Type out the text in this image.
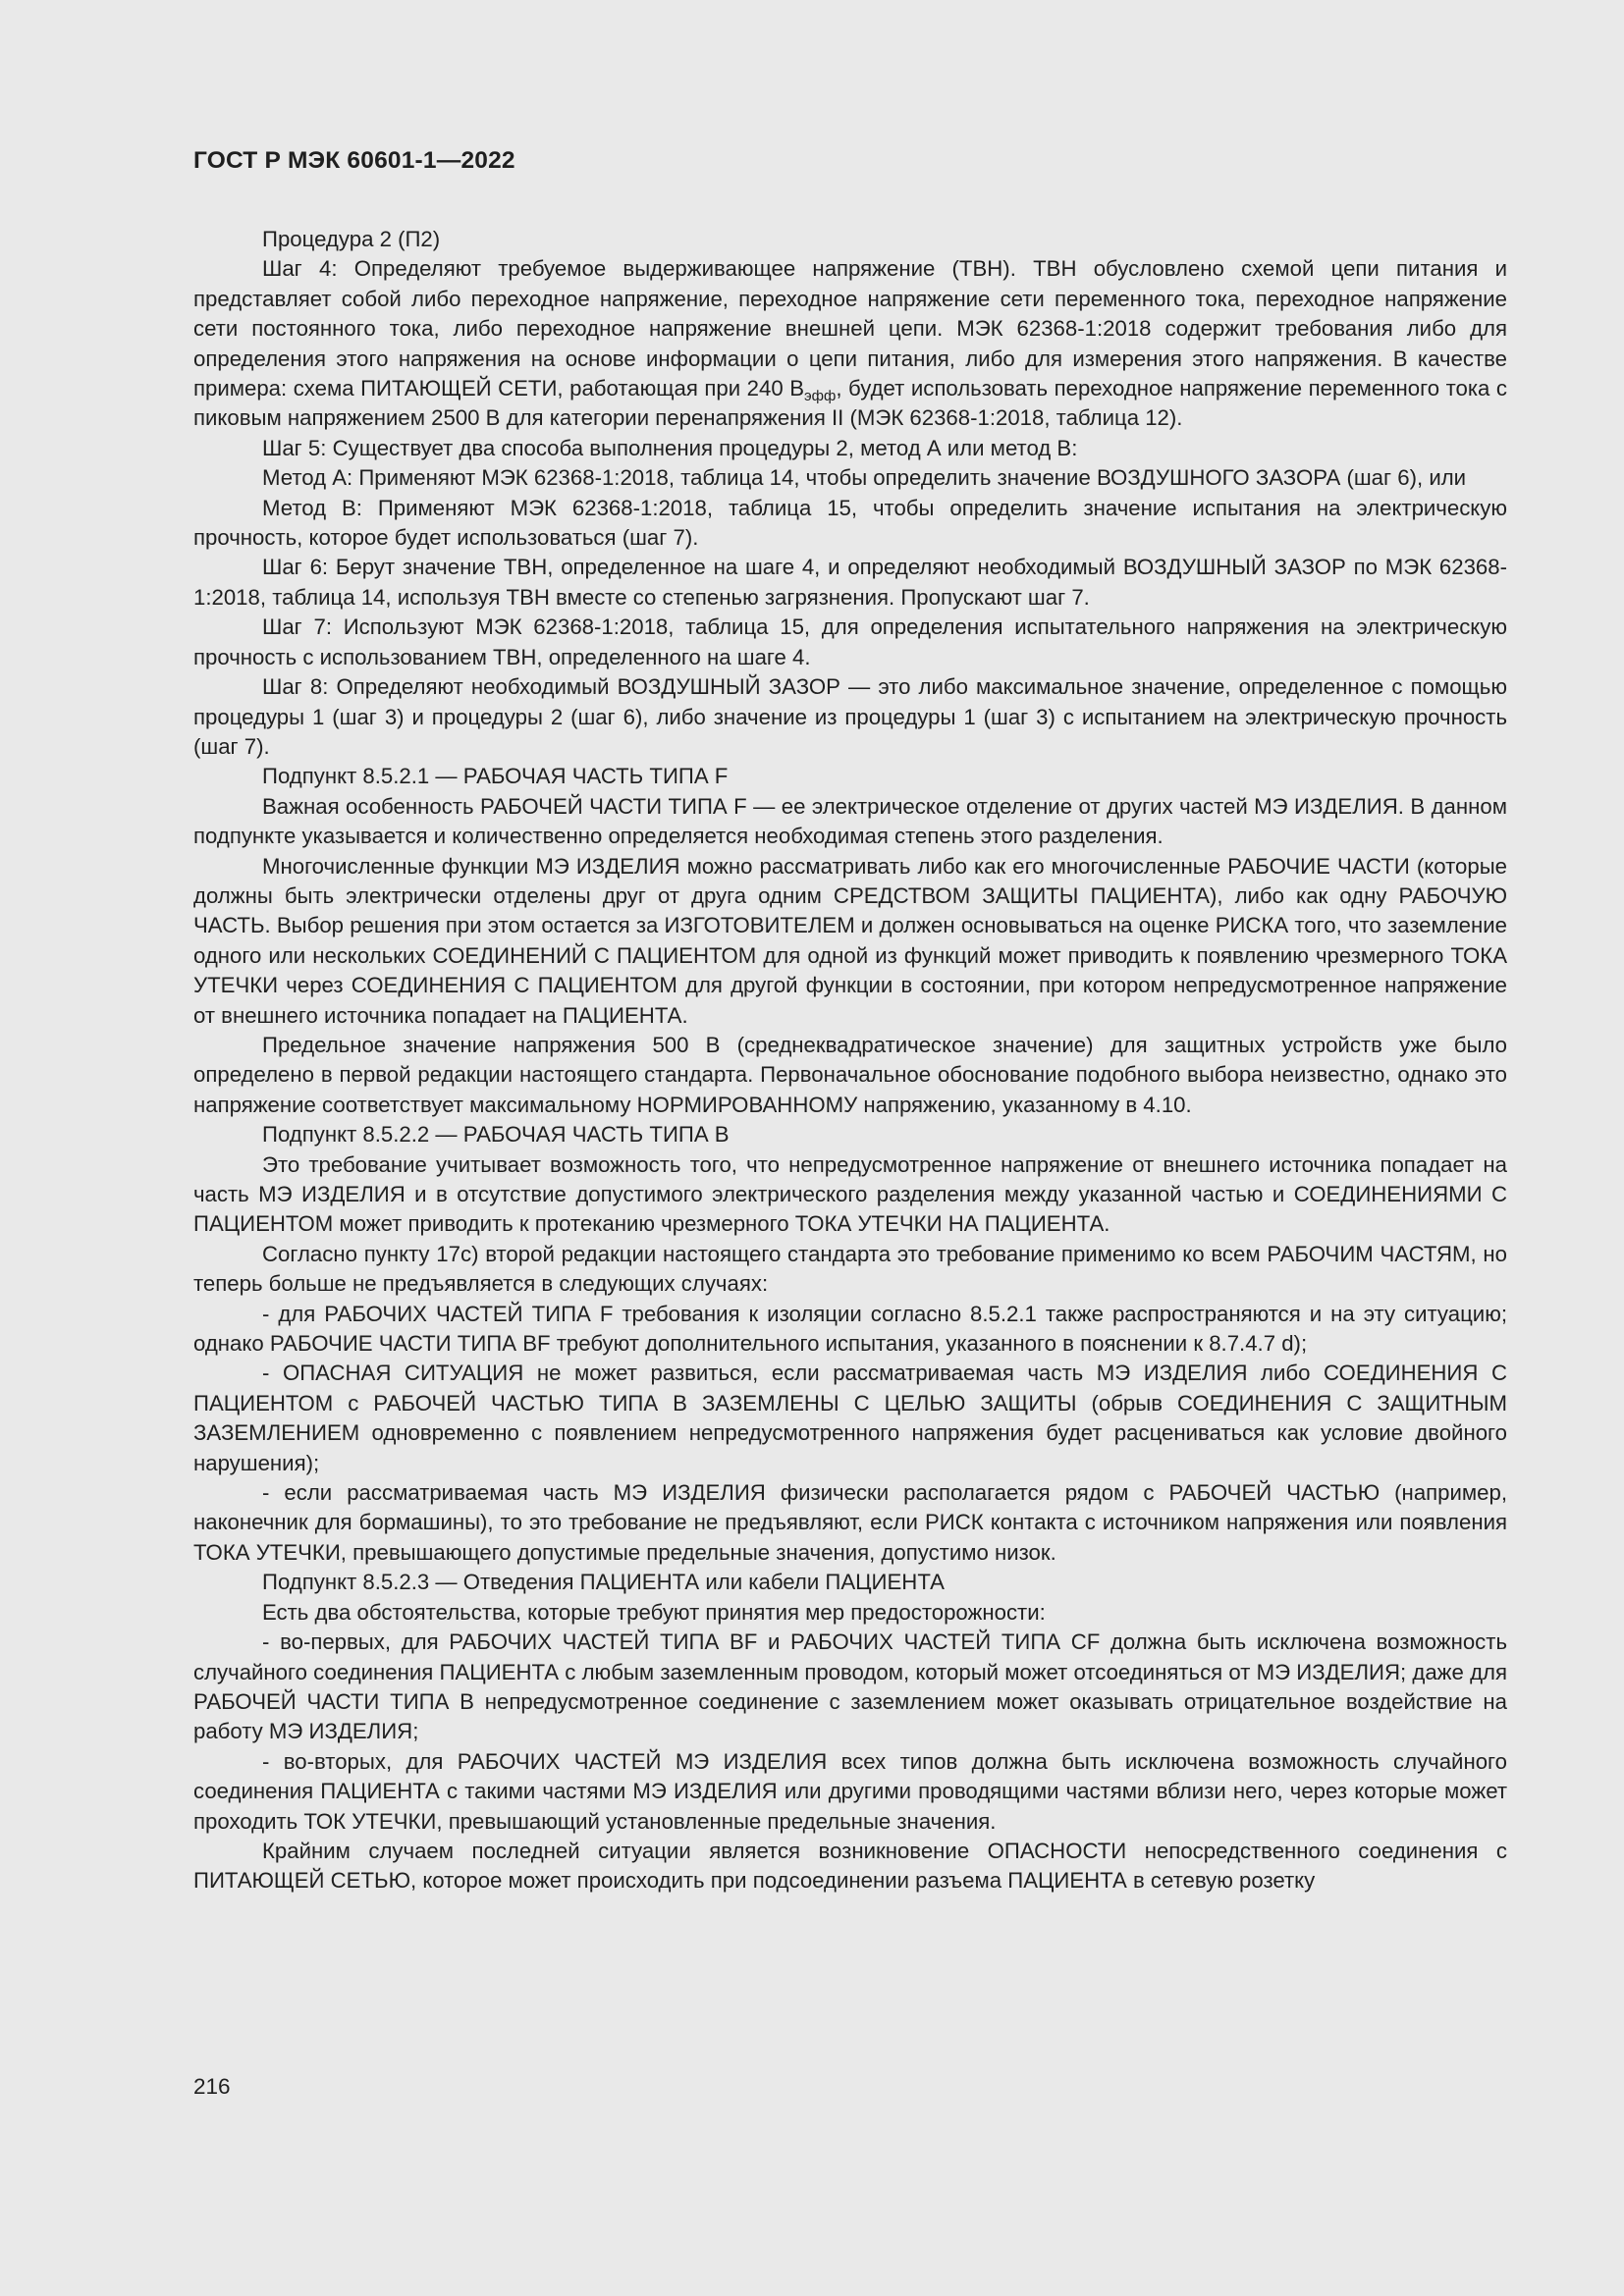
ГОСТ Р МЭК 60601-1—2022

Процедура 2 (П2)

Шаг 4: Определяют требуемое выдерживающее напряжение (ТВН). ТВН обусловлено схемой цепи питания и представляет собой либо переходное напряжение, переходное напряжение сети переменного тока, переходное напряжение сети постоянного тока, либо переходное напряжение внешней цепи. МЭК 62368-1:2018 содержит требования либо для определения этого напряжения на основе информации о цепи питания, либо для измерения этого напряжения. В качестве примера: схема ПИТАЮЩЕЙ СЕТИ, работающая при 240 $В_{эфф}$, будет использовать переходное напряжение переменного тока с пиковым напряжением 2500 В для категории перенапряжения II (МЭК 62368-1:2018, таблица 12).

Шаг 5: Существует два способа выполнения процедуры 2, метод А или метод В:

Метод А: Применяют МЭК 62368-1:2018, таблица 14, чтобы определить значение ВОЗДУШНОГО ЗАЗОРА (шаг 6), или

Метод В: Применяют МЭК 62368-1:2018, таблица 15, чтобы определить значение испытания на электрическую прочность, которое будет использоваться (шаг 7).

Шаг 6: Берут значение ТВН, определенное на шаге 4, и определяют необходимый ВОЗДУШНЫЙ ЗАЗОР по МЭК 62368-1:2018, таблица 14, используя ТВН вместе со степенью загрязнения. Пропускают шаг 7.

Шаг 7: Используют МЭК 62368-1:2018, таблица 15, для определения испытательного напряжения на электрическую прочность с использованием ТВН, определенного на шаге 4.

Шаг 8: Определяют необходимый ВОЗДУШНЫЙ ЗАЗОР — это либо максимальное значение, определенное с помощью процедуры 1 (шаг 3) и процедуры 2 (шаг 6), либо значение из процедуры 1 (шаг 3) с испытанием на электрическую прочность (шаг 7).

Подпункт 8.5.2.1 — РАБОЧАЯ ЧАСТЬ ТИПА F

Важная особенность РАБОЧЕЙ ЧАСТИ ТИПА F — ее электрическое отделение от других частей МЭ ИЗДЕЛИЯ. В данном подпункте указывается и количественно определяется необходимая степень этого разделения.

Многочисленные функции МЭ ИЗДЕЛИЯ можно рассматривать либо как его многочисленные РАБОЧИЕ ЧАСТИ (которые должны быть электрически отделены друг от друга одним СРЕДСТВОМ ЗАЩИТЫ ПАЦИЕНТА), либо как одну РАБОЧУЮ ЧАСТЬ. Выбор решения при этом остается за ИЗГОТОВИТЕЛЕМ и должен основываться на оценке РИСКА того, что заземление одного или нескольких СОЕДИНЕНИЙ С ПАЦИЕНТОМ для одной из функций может приводить к появлению чрезмерного ТОКА УТЕЧКИ через СОЕДИНЕНИЯ С ПАЦИЕНТОМ для другой функции в состоянии, при котором непредусмотренное напряжение от внешнего источника попадает на ПАЦИЕНТА.

Предельное значение напряжения 500 В (среднеквадратическое значение) для защитных устройств уже было определено в первой редакции настоящего стандарта. Первоначальное обоснование подобного выбора неизвестно, однако это напряжение соответствует максимальному НОРМИРОВАННОМУ напряжению, указанному в 4.10.

Подпункт 8.5.2.2 — РАБОЧАЯ ЧАСТЬ ТИПА В

Это требование учитывает возможность того, что непредусмотренное напряжение от внешнего источника попадает на часть МЭ ИЗДЕЛИЯ и в отсутствие допустимого электрического разделения между указанной частью и СОЕДИНЕНИЯМИ С ПАЦИЕНТОМ может приводить к протеканию чрезмерного ТОКА УТЕЧКИ НА ПАЦИЕНТА.

Согласно пункту 17c) второй редакции настоящего стандарта это требование применимо ко всем РАБОЧИМ ЧАСТЯМ, но теперь больше не предъявляется в следующих случаях:

- для РАБОЧИХ ЧАСТЕЙ ТИПА F требования к изоляции согласно 8.5.2.1 также распространяются и на эту ситуацию; однако РАБОЧИЕ ЧАСТИ ТИПА BF требуют дополнительного испытания, указанного в пояснении к 8.7.4.7 d);

- ОПАСНАЯ СИТУАЦИЯ не может развиться, если рассматриваемая часть МЭ ИЗДЕЛИЯ либо СОЕДИНЕНИЯ С ПАЦИЕНТОМ с РАБОЧЕЙ ЧАСТЬЮ ТИПА В ЗАЗЕМЛЕНЫ С ЦЕЛЬЮ ЗАЩИТЫ (обрыв СОЕДИНЕНИЯ С ЗАЩИТНЫМ ЗАЗЕМЛЕНИЕМ одновременно с появлением непредусмотренного напряжения будет расцениваться как условие двойного нарушения);

- если рассматриваемая часть МЭ ИЗДЕЛИЯ физически располагается рядом с РАБОЧЕЙ ЧАСТЬЮ (например, наконечник для бормашины), то это требование не предъявляют, если РИСК контакта с источником напряжения или появления ТОКА УТЕЧКИ, превышающего допустимые предельные значения, допустимо низок.

Подпункт 8.5.2.3 — Отведения ПАЦИЕНТА или кабели ПАЦИЕНТА

Есть два обстоятельства, которые требуют принятия мер предосторожности:

- во-первых, для РАБОЧИХ ЧАСТЕЙ ТИПА BF и РАБОЧИХ ЧАСТЕЙ ТИПА CF должна быть исключена возможность случайного соединения ПАЦИЕНТА с любым заземленным проводом, который может отсоединяться от МЭ ИЗДЕЛИЯ; даже для РАБОЧЕЙ ЧАСТИ ТИПА В непредусмотренное соединение с заземлением может оказывать отрицательное воздействие на работу МЭ ИЗДЕЛИЯ;

- во-вторых, для РАБОЧИХ ЧАСТЕЙ МЭ ИЗДЕЛИЯ всех типов должна быть исключена возможность случайного соединения ПАЦИЕНТА с такими частями МЭ ИЗДЕЛИЯ или другими проводящими частями вблизи него, через которые может проходить ТОК УТЕЧКИ, превышающий установленные предельные значения.

Крайним случаем последней ситуации является возникновение ОПАСНОСТИ непосредственного соединения с ПИТАЮЩЕЙ СЕТЬЮ, которое может происходить при подсоединении разъема ПАЦИЕНТА в сетевую розетку

216
